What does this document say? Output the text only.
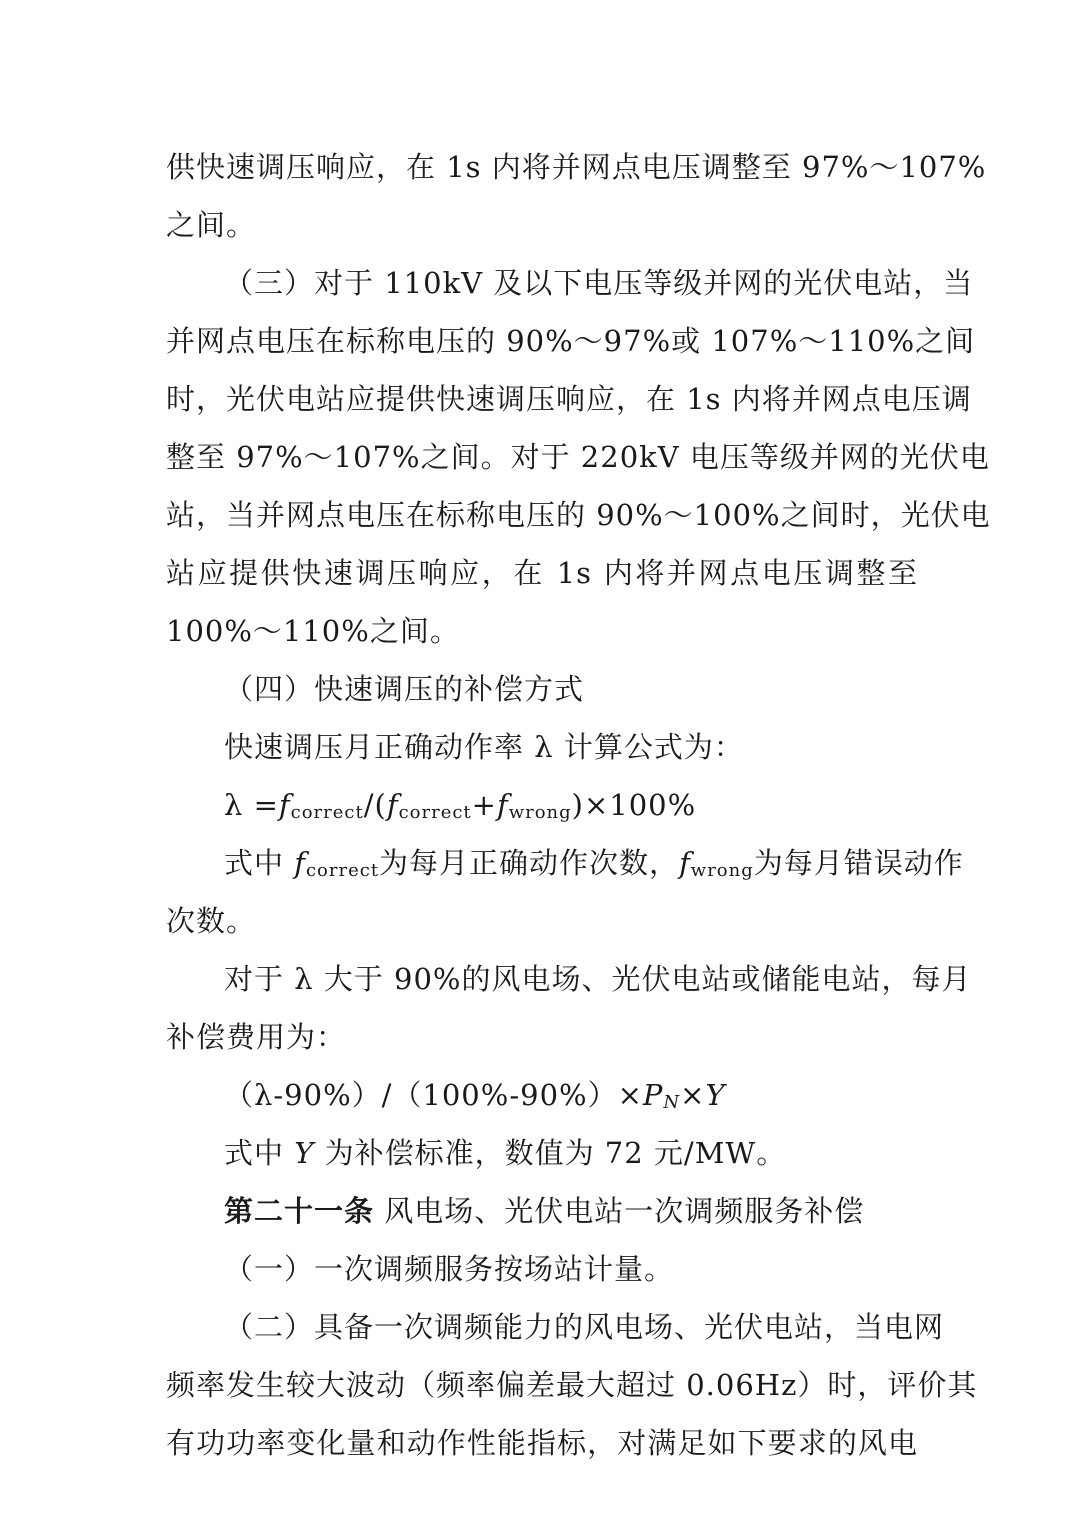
供快速调压响应，在 1s 内将并网点电压调整至 97%～107%
之间。
（三）对于 110kV 及以下电压等级并网的光伏电站，当
并网点电压在标称电压的 90%～97%或 107%～110%之间
时，光伏电站应提供快速调压响应，在 1s 内将并网点电压调
整至 97%～107%之间。对于 220kV 电压等级并网的光伏电
站，当并网点电压在标称电压的 90%～100%之间时，光伏电
站应提供快速调压响应，在 1s 内将并网点电压调整至
100%～110%之间。
（四）快速调压的补偿方式
快速调压月正确动作率 λ 计算公式为：
$\lambda =f_{correct}/(f_{correct}+f_{wrong})\times 100\%$
式中 $f_{correct}$为每月正确动作次数，$f_{wrong}$为每月错误动作
次数。
对于 λ 大于 90%的风电场、光伏电站或储能电站，每月
补偿费用为：
$(\lambda-90\%)/(100\%-90\%)\times P_N\times Y$
式中 Y 为补偿标准，数值为 72 元/MW。
第二十一条 风电场、光伏电站一次调频服务补偿
（一）一次调频服务按场站计量。
（二）具备一次调频能力的风电场、光伏电站，当电网
频率发生较大波动（频率偏差最大超过 0.06Hz）时，评价其
有功功率变化量和动作性能指标，对满足如下要求的风电
